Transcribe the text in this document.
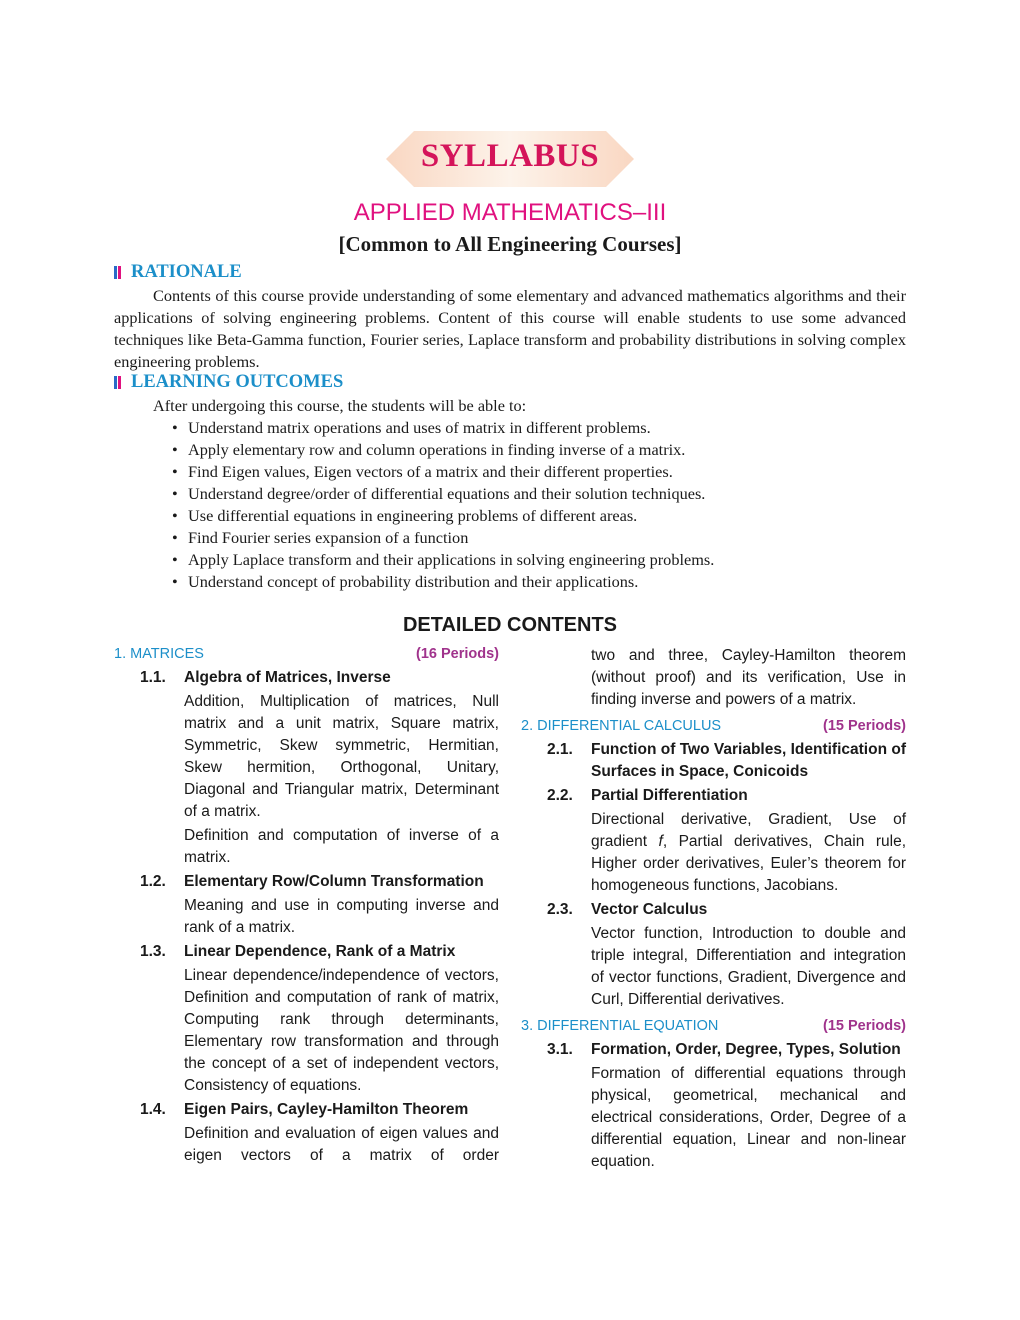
SYLLABUS
APPLIED MATHEMATICS–III
[Common to All Engineering Courses]
RATIONALE
Contents of this course provide understanding of some elementary and advanced mathematics algorithms and their applications of solving engineering problems. Content of this course will enable students to use some advanced techniques like Beta-Gamma function, Fourier series, Laplace transform and probability distributions in solving complex engineering problems.
LEARNING OUTCOMES
After undergoing this course, the students will be able to:
• Understand matrix operations and uses of matrix in different problems.
• Apply elementary row and column operations in finding inverse of a matrix.
• Find Eigen values, Eigen vectors of a matrix and their different properties.
• Understand degree/order of differential equations and their solution techniques.
• Use differential equations in engineering problems of different areas.
• Find Fourier series expansion of a function
• Apply Laplace transform and their applications in solving engineering problems.
• Understand concept of probability distribution and their applications.
DETAILED CONTENTS
1. MATRICES	(16 Periods)
1.1.	Algebra of Matrices, Inverse
Addition, Multiplication of matrices, Null matrix and a unit matrix, Square matrix, Symmetric, Skew symmetric, Hermitian, Skew hermition, Orthogonal, Unitary, Diagonal and Triangular matrix, Determinant of a matrix.
Definition and computation of inverse of a matrix.
1.2.	Elementary Row/Column Transformation
Meaning and use in computing inverse and rank of a matrix.
1.3.	Linear Dependence, Rank of a Matrix
Linear dependence/independence of vectors, Definition and computation of rank of matrix, Computing rank through determinants, Elementary row transformation and through the concept of a set of independent vectors, Consistency of equations.
1.4.	Eigen Pairs, Cayley-Hamilton Theorem
Definition and evaluation of eigen values and eigen vectors of a matrix of order
two and three, Cayley-Hamilton theorem (without proof) and its verification, Use in finding inverse and powers of a matrix.
2. DIFFERENTIAL CALCULUS	(15 Periods)
2.1.	Function of Two Variables, Identification of Surfaces in Space, Conicoids
2.2.	Partial Differentiation
Directional derivative, Gradient, Use of gradient f, Partial derivatives, Chain rule, Higher order derivatives, Euler’s theorem for homogeneous functions, Jacobians.
2.3.	Vector Calculus
Vector function, Introduction to double and triple integral, Differentiation and integration of vector functions, Gradient, Divergence and Curl, Differential derivatives.
3. DIFFERENTIAL EQUATION	(15 Periods)
3.1.	Formation, Order, Degree, Types, Solution
Formation of differential equations through physical, geometrical, mechanical and electrical considerations, Order, Degree of a differential equation, Linear and non-linear equation.
